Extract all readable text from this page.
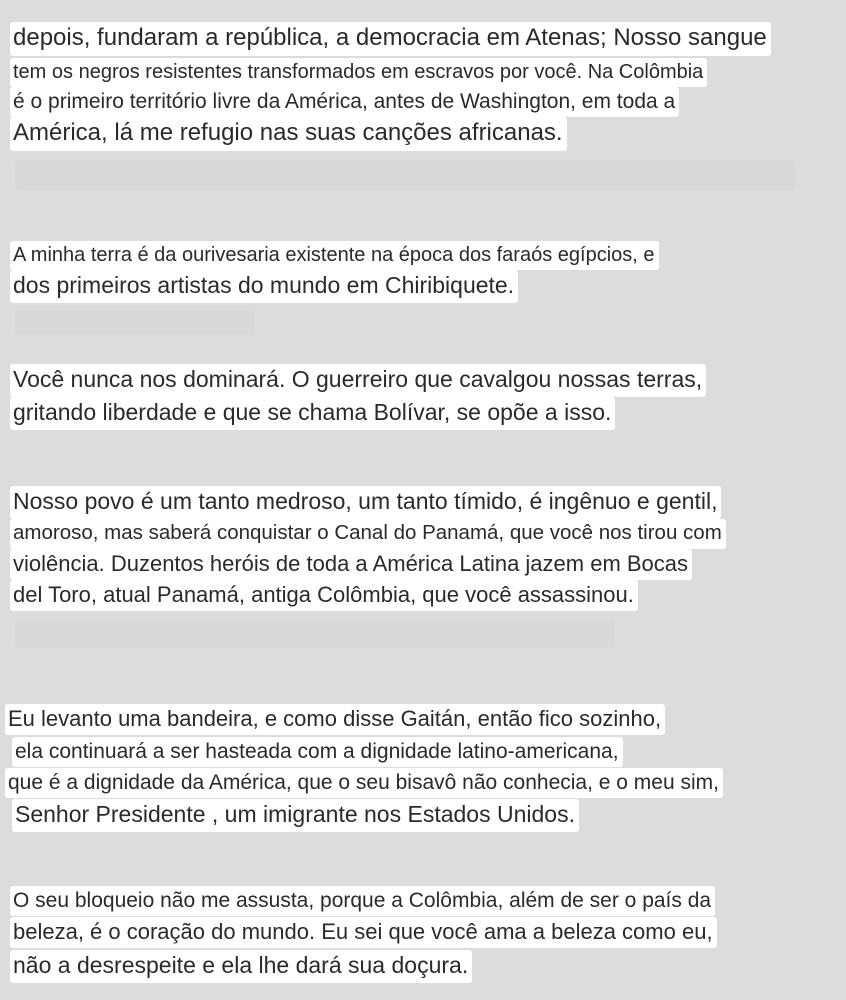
depois, fundaram a república, a democracia em Atenas; Nosso sangue
tem os negros resistentes transformados em escravos por você. Na Colômbia
é o primeiro território livre da América, antes de Washington, em toda a
América, lá me refugio nas suas canções africanas.
A minha terra é da ourivesaria existente na época dos faraós egípcios, e
dos primeiros artistas do mundo em Chiribiquete.
Você nunca nos dominará. O guerreiro que cavalgou nossas terras,
gritando liberdade e que se chama Bolívar, se opõe a isso.
Nosso povo é um tanto medroso, um tanto tímido, é ingênuo e gentil,
amoroso, mas saberá conquistar o Canal do Panamá, que você nos tirou com
violência. Duzentos heróis de toda a América Latina jazem em Bocas
del Toro, atual Panamá, antiga Colômbia, que você assassinou.
Eu levanto uma bandeira, e como disse Gaitán, então fico sozinho,
ela continuará a ser hasteada com a dignidade latino-americana,
que é a dignidade da América, que o seu bisavô não conhecia, e o meu sim,
Senhor Presidente , um imigrante nos Estados Unidos.
O seu bloqueio não me assusta, porque a Colômbia, além de ser o país da
beleza, é o coração do mundo. Eu sei que você ama a beleza como eu,
não a desrespeite e ela lhe dará sua doçura.
